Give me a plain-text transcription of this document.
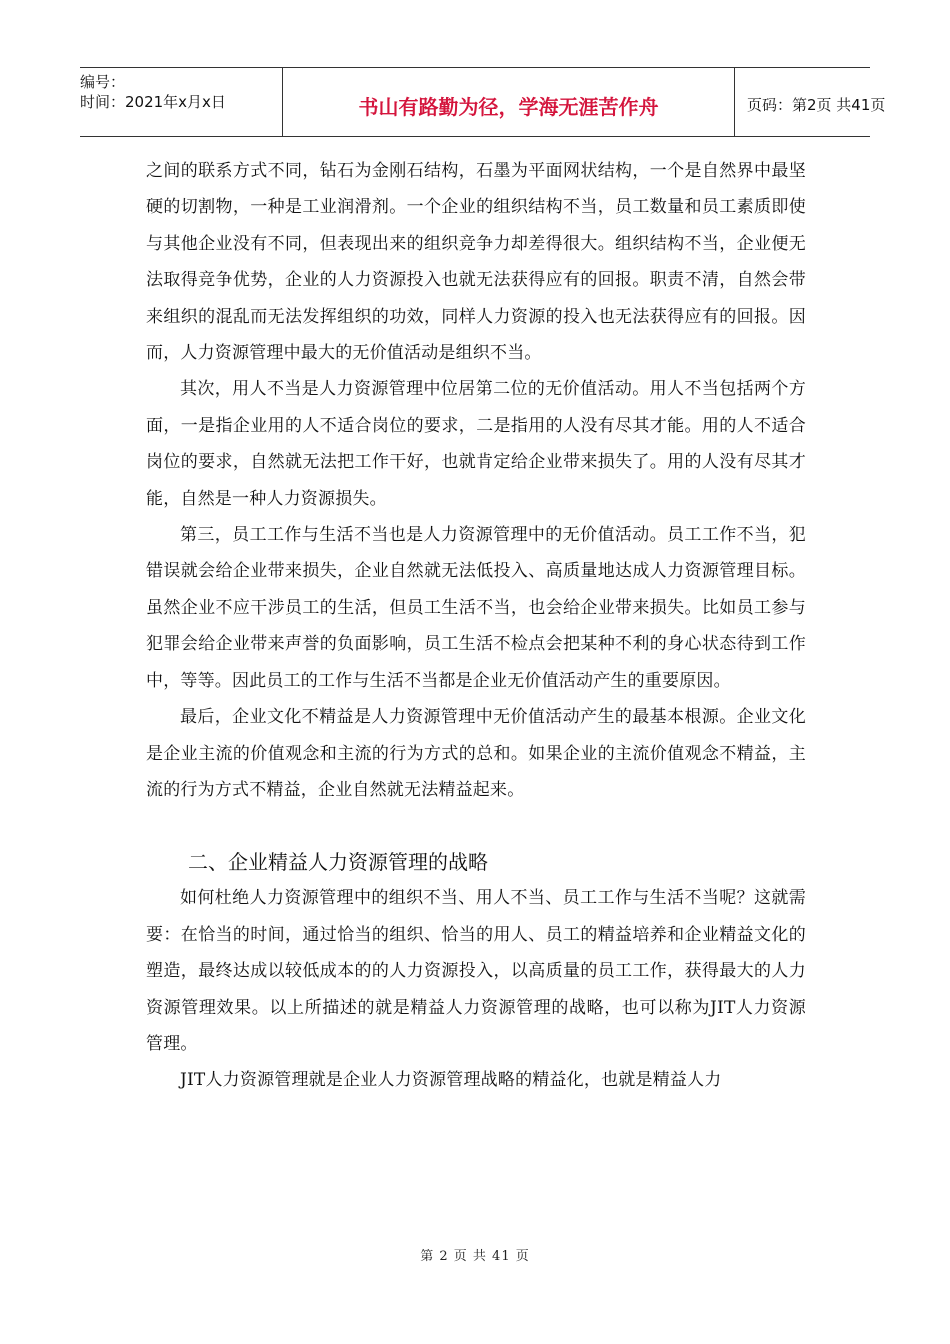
编号：
时间：2021年x月x日	书山有路勤为径，学海无涯苦作舟	页码：第2页 共41页

之间的联系方式不同，钻石为金刚石结构，石墨为平面网状结构，一个是自然界中最坚硬的切割物，一种是工业润滑剂。一个企业的组织结构不当，员工数量和员工素质即使与其他企业没有不同，但表现出来的组织竞争力却差得很大。组织结构不当，企业便无法取得竞争优势，企业的人力资源投入也就无法获得应有的回报。职责不清，自然会带来组织的混乱而无法发挥组织的功效，同样人力资源的投入也无法获得应有的回报。因而，人力资源管理中最大的无价值活动是组织不当。

其次，用人不当是人力资源管理中位居第二位的无价值活动。用人不当包括两个方面，一是指企业用的人不适合岗位的要求，二是指用的人没有尽其才能。用的人不适合岗位的要求，自然就无法把工作干好，也就肯定给企业带来损失了。用的人没有尽其才能，自然是一种人力资源损失。

第三，员工工作与生活不当也是人力资源管理中的无价值活动。员工工作不当，犯错误就会给企业带来损失，企业自然就无法低投入、高质量地达成人力资源管理目标。虽然企业不应干涉员工的生活，但员工生活不当，也会给企业带来损失。比如员工参与犯罪会给企业带来声誉的负面影响，员工生活不检点会把某种不利的身心状态待到工作中，等等。因此员工的工作与生活不当都是企业无价值活动产生的重要原因。

最后，企业文化不精益是人力资源管理中无价值活动产生的最基本根源。企业文化是企业主流的价值观念和主流的行为方式的总和。如果企业的主流价值观念不精益，主流的行为方式不精益，企业自然就无法精益起来。

二、企业精益人力资源管理的战略

如何杜绝人力资源管理中的组织不当、用人不当、员工工作与生活不当呢？这就需要：在恰当的时间，通过恰当的组织、恰当的用人、员工的精益培养和企业精益文化的塑造，最终达成以较低成本的的人力资源投入，以高质量的员工工作，获得最大的人力资源管理效果。以上所描述的就是精益人力资源管理的战略，也可以称为JIT人力资源管理。

JIT人力资源管理就是企业人力资源管理战略的精益化，也就是精益人力

第 2 页 共 41 页
